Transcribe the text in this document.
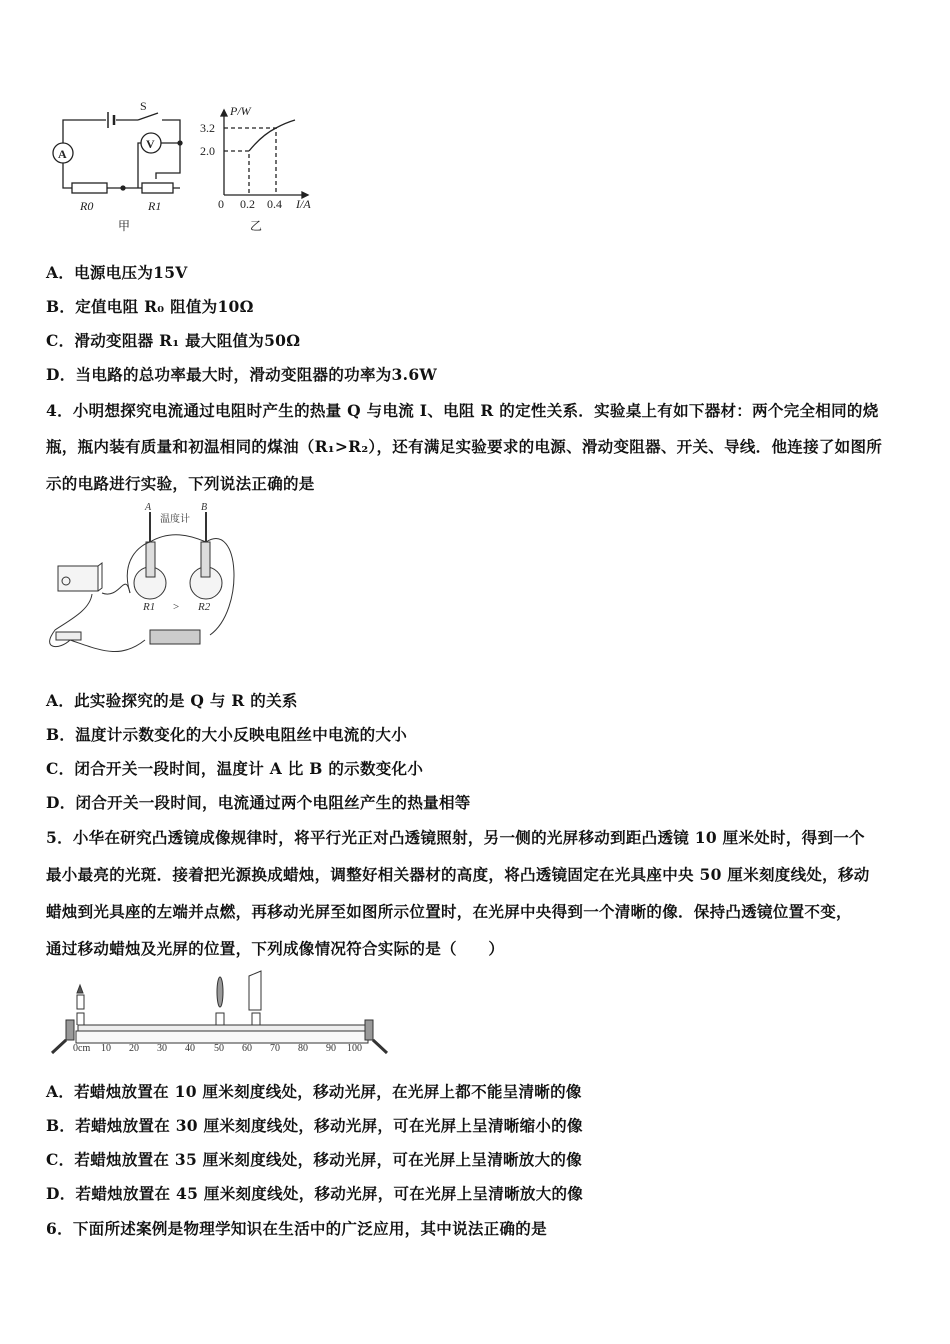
A
V
S
R0	R1
甲
P/W
3.2
2.0
0 0.2 0.4 I/A
乙
A．电源电压为15V
B．定值电阻 R₀ 阻值为10Ω
C．滑动变阻器 R₁ 最大阻值为50Ω
D．当电路的总功率最大时，滑动变阻器的功率为3.6W
4．小明想探究电流通过电阻时产生的热量 Q 与电流 I、电阻 R 的定性关系．实验桌上有如下器材：两个完全相同的烧
瓶，瓶内装有质量和初温相同的煤油（R₁>R₂），还有满足实验要求的电源、滑动变阻器、开关、导线．他连接了如图所
示的电路进行实验，下列说法正确的是
A	B
温度计
R1 > R2
A．此实验探究的是 Q 与 R 的关系
B．温度计示数变化的大小反映电阻丝中电流的大小
C．闭合开关一段时间，温度计 A 比 B 的示数变化小
D．闭合开关一段时间，电流通过两个电阻丝产生的热量相等
5．小华在研究凸透镜成像规律时，将平行光正对凸透镜照射，另一侧的光屏移动到距凸透镜 10 厘米处时，得到一个
最小最亮的光斑．接着把光源换成蜡烛，调整好相关器材的高度，将凸透镜固定在光具座中央 50 厘米刻度线处，移动
蜡烛到光具座的左端并点燃，再移动光屏至如图所示位置时，在光屏中央得到一个清晰的像．保持凸透镜位置不变，
通过移动蜡烛及光屏的位置，下列成像情况符合实际的是（　　）
0cm 10 20 30 40 50 60 70 80 90 100
A．若蜡烛放置在 10 厘米刻度线处，移动光屏，在光屏上都不能呈清晰的像
B．若蜡烛放置在 30 厘米刻度线处，移动光屏，可在光屏上呈清晰缩小的像
C．若蜡烛放置在 35 厘米刻度线处，移动光屏，可在光屏上呈清晰放大的像
D．若蜡烛放置在 45 厘米刻度线处，移动光屏，可在光屏上呈清晰放大的像
6．下面所述案例是物理学知识在生活中的广泛应用，其中说法正确的是
